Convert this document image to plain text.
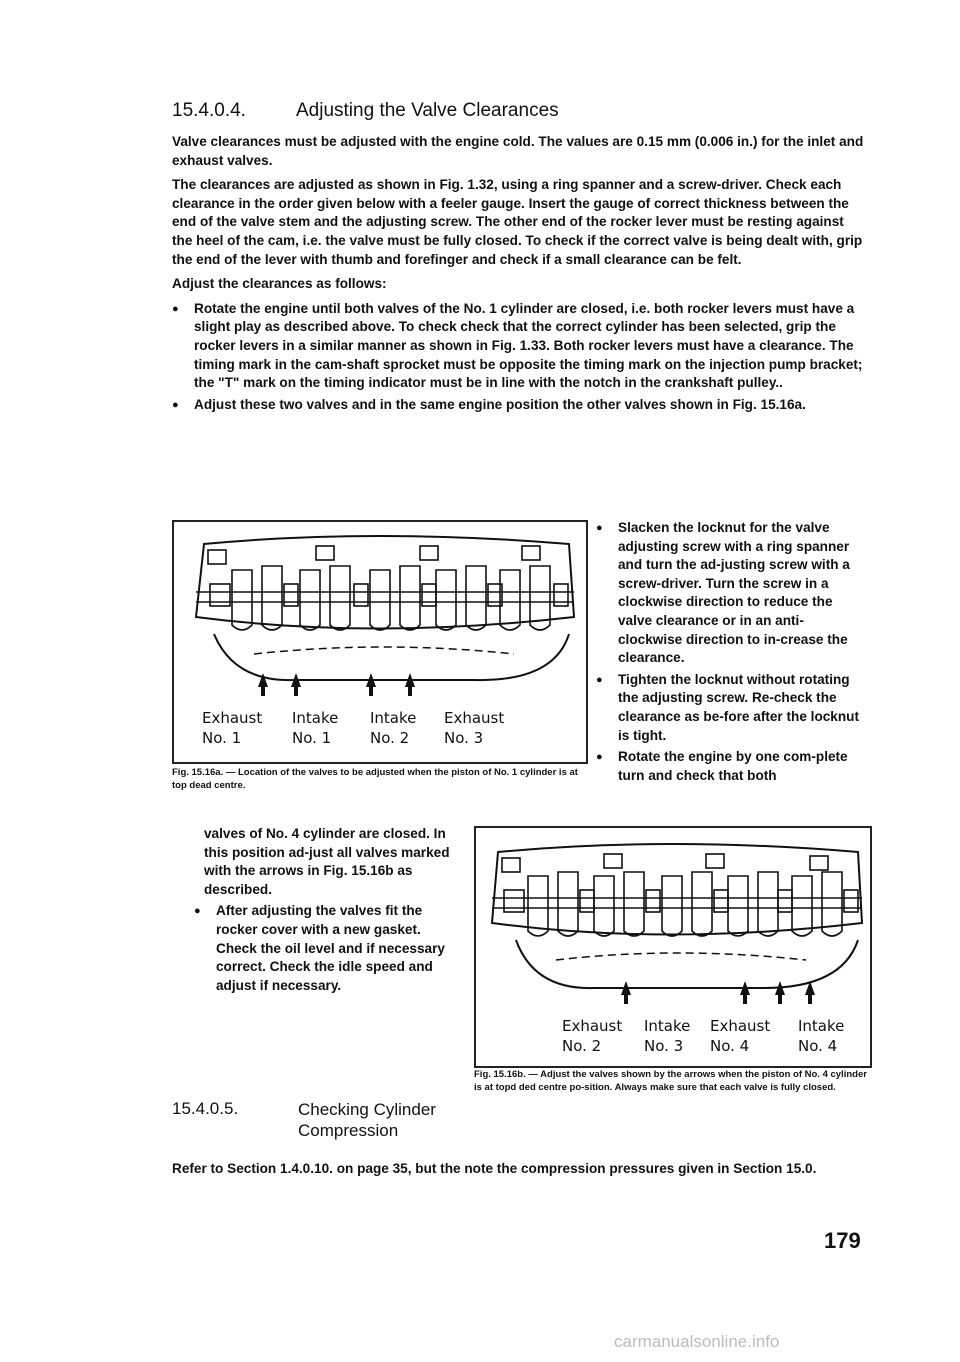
15.4.0.4.	Adjusting the Valve Clearances

Valve clearances must be adjusted with the engine cold. The values are 0.15 mm (0.006 in.) for the inlet and exhaust valves.

The clearances are adjusted as shown in Fig. 1.32, using a ring spanner and a screw-driver. Check each clearance in the order given below with a feeler gauge. Insert the gauge of correct thickness between the end of the valve stem and the adjusting screw. The other end of the rocker lever must be resting against the heel of the cam, i.e. the valve must be fully closed. To check if the correct valve is being dealt with, grip the end of the lever with thumb and forefinger and check if a small clearance can be felt.

Adjust the clearances as follows:

● Rotate the engine until both valves of the No. 1 cylinder are closed, i.e. both rocker levers must have a slight play as described above. To check check that the correct cylinder has been selected, grip the rocker levers in a similar manner as shown in Fig. 1.33. Both rocker levers must have a clearance. The timing mark in the cam-shaft sprocket must be opposite the timing mark on the injection pump bracket; the "T" mark on the timing indicator must be in line with the notch in the crankshaft pulley..

● Adjust these two valves and in the same engine position the other valves shown in Fig. 15.16a.

Exhaust
No. 1
Intake
No. 1
Intake
No. 2
Exhaust
No. 3
Fig. 15.16a. — Location of the valves to be adjusted when the piston of No. 1 cylinder is at top dead centre.

● Slacken the locknut for the valve adjusting screw with a ring spanner and turn the ad-justing screw with a screw-driver. Turn the screw in a clockwise direction to reduce the valve clearance or in an anti-clockwise direction to in-crease the clearance.

● Tighten the locknut without rotating the adjusting screw. Re-check the clearance as be-fore after the locknut is tight.

● Rotate the engine by one com-plete turn and check that both

valves of No. 4 cylinder are closed. In this position ad-just all valves marked with the arrows in Fig. 15.16b as described.

● After adjusting the valves fit the rocker cover with a new gasket. Check the oil level and if necessary correct. Check the idle speed and adjust if necessary.

Exhaust
No. 2
Intake
No. 3
Exhaust
No. 4
Intake
No. 4
Fig. 15.16b. — Adjust the valves shown by the arrows when the piston of No. 4 cylinder is at topd ded centre po-sition. Always make sure that each valve is fully closed.
15.4.0.5.	Checking Cylinder
Compression

Refer to Section 1.4.0.10. on page 35, but the note the compression pressures given in Section 15.0.

179
carmanualsonline.info
